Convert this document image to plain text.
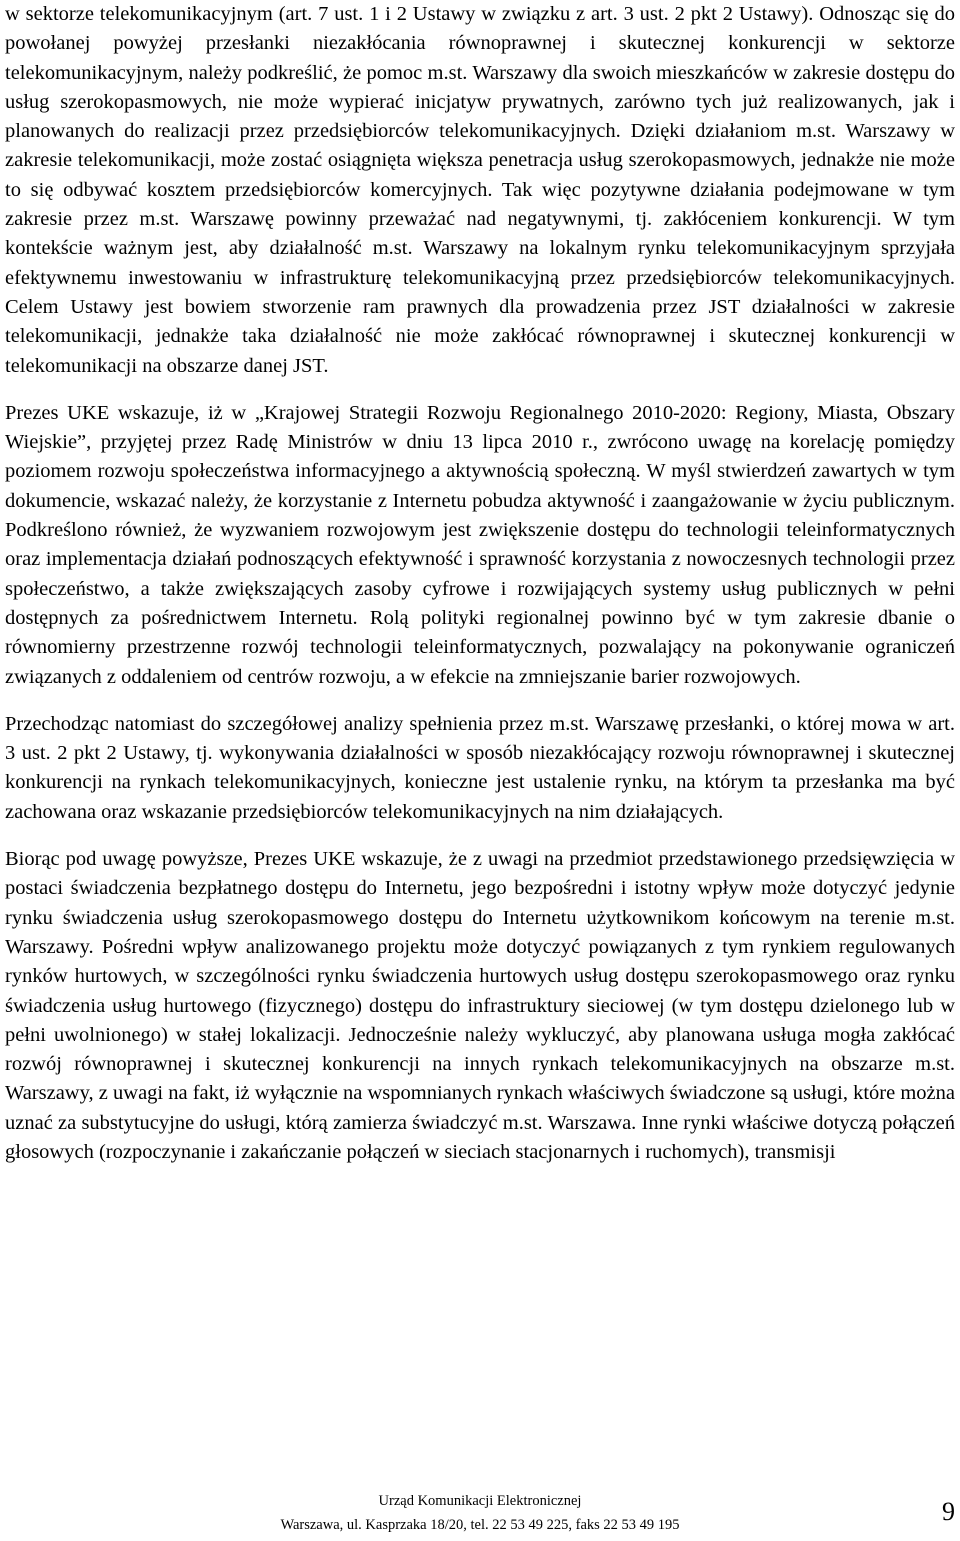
w sektorze telekomunikacyjnym (art. 7 ust. 1 i 2 Ustawy w związku z art. 3 ust. 2 pkt 2 Ustawy). Odnosząc się do powołanej powyżej przesłanki niezakłócania równoprawnej i skutecznej konkurencji w sektorze telekomunikacyjnym, należy podkreślić, że pomoc m.st. Warszawy dla swoich mieszkańców w zakresie dostępu do usług szerokopasmowych, nie może wypierać inicjatyw prywatnych, zarówno tych już realizowanych, jak i planowanych do realizacji przez przedsiębiorców telekomunikacyjnych. Dzięki działaniom m.st. Warszawy w zakresie telekomunikacji, może zostać osiągnięta większa penetracja usług szerokopasmowych, jednakże nie może to się odbywać kosztem przedsiębiorców komercyjnych. Tak więc pozytywne działania podejmowane w tym zakresie przez m.st. Warszawę powinny przeważać nad negatywnymi, tj. zakłóceniem konkurencji. W tym kontekście ważnym jest, aby działalność m.st. Warszawy na lokalnym rynku telekomunikacyjnym sprzyjała efektywnemu inwestowaniu w infrastrukturę telekomunikacyjną przez przedsiębiorców telekomunikacyjnych. Celem Ustawy jest bowiem stworzenie ram prawnych dla prowadzenia przez JST działalności w zakresie telekomunikacji, jednakże taka działalność nie może zakłócać równoprawnej i skutecznej konkurencji w telekomunikacji na obszarze danej JST.

Prezes UKE wskazuje, iż w „Krajowej Strategii Rozwoju Regionalnego 2010-2020: Regiony, Miasta, Obszary Wiejskie”, przyjętej przez Radę Ministrów w dniu 13 lipca 2010 r., zwrócono uwagę na korelację pomiędzy poziomem rozwoju społeczeństwa informacyjnego a aktywnością społeczną. W myśl stwierdzeń zawartych w tym dokumencie, wskazać należy, że korzystanie z Internetu pobudza aktywność i zaangażowanie w życiu publicznym. Podkreślono również, że wyzwaniem rozwojowym jest zwiększenie dostępu do technologii teleinformatycznych oraz implementacja działań podnoszących efektywność i sprawność korzystania z nowoczesnych technologii przez społeczeństwo, a także zwiększających zasoby cyfrowe i rozwijających systemy usług publicznych w pełni dostępnych za pośrednictwem Internetu. Rolą polityki regionalnej powinno być w tym zakresie dbanie o równomierny przestrzenne rozwój technologii teleinformatycznych, pozwalający na pokonywanie ograniczeń związanych z oddaleniem od centrów rozwoju, a w efekcie na zmniejszanie barier rozwojowych.

Przechodząc natomiast do szczegółowej analizy spełnienia przez m.st. Warszawę przesłanki, o której mowa w art. 3 ust. 2 pkt 2 Ustawy, tj. wykonywania działalności w sposób niezakłócający rozwoju równoprawnej i skutecznej konkurencji na rynkach telekomunikacyjnych, konieczne jest ustalenie rynku, na którym ta przesłanka ma być zachowana oraz wskazanie przedsiębiorców telekomunikacyjnych na nim działających.

Biorąc pod uwagę powyższe, Prezes UKE wskazuje, że z uwagi na przedmiot przedstawionego przedsięwzięcia w postaci świadczenia bezpłatnego dostępu do Internetu, jego bezpośredni i istotny wpływ może dotyczyć jedynie rynku świadczenia usług szerokopasmowego dostępu do Internetu użytkownikom końcowym na terenie m.st. Warszawy. Pośredni wpływ analizowanego projektu może dotyczyć powiązanych z tym rynkiem regulowanych rynków hurtowych, w szczególności rynku świadczenia hurtowych usług dostępu szerokopasmowego oraz rynku świadczenia usług hurtowego (fizycznego) dostępu do infrastruktury sieciowej (w tym dostępu dzielonego lub w pełni uwolnionego) w stałej lokalizacji. Jednocześnie należy wykluczyć, aby planowana usługa mogła zakłócać rozwój równoprawnej i skutecznej konkurencji na innych rynkach telekomunikacyjnych na obszarze m.st. Warszawy, z uwagi na fakt, iż wyłącznie na wspomnianych rynkach właściwych świadczone są usługi, które można uznać za substytucyjne do usługi, którą zamierza świadczyć m.st. Warszawa. Inne rynki właściwe dotyczą połączeń głosowych (rozpoczynanie i zakańczanie połączeń w sieciach stacjonarnych i ruchomych), transmisji

Urząd Komunikacji Elektronicznej
Warszawa, ul. Kasprzaka 18/20, tel. 22 53 49 225, faks 22 53 49 195	9
